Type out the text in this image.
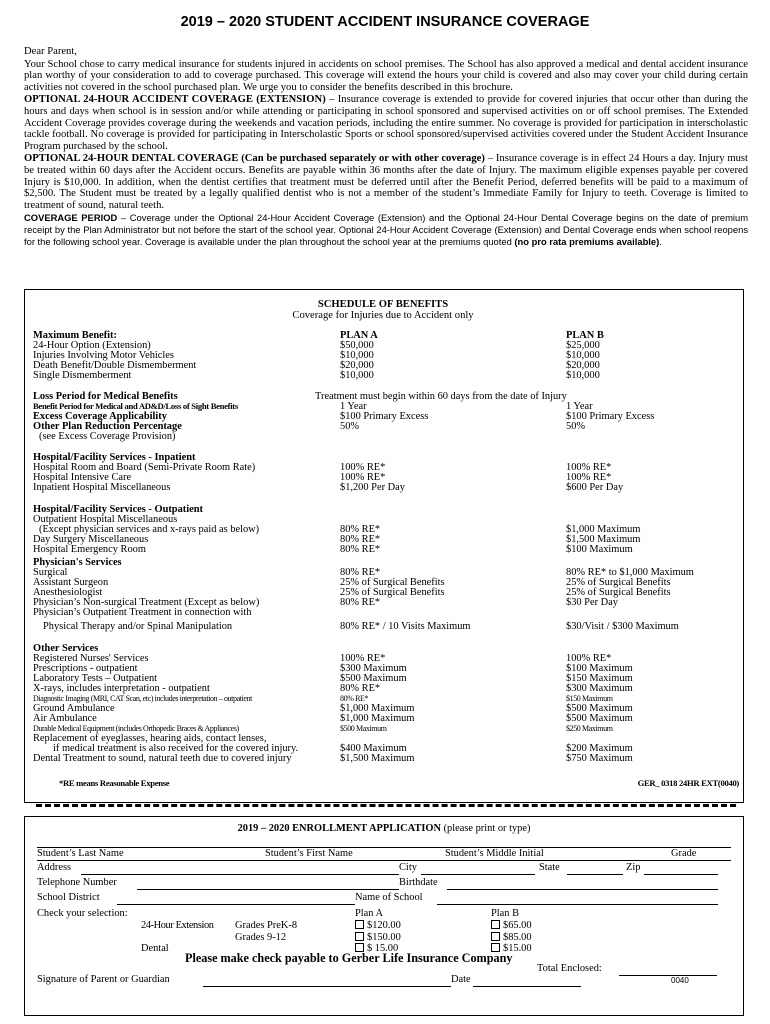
2019 – 2020 STUDENT ACCIDENT INSURANCE COVERAGE

Dear Parent,

Your School chose to carry medical insurance for students injured in accidents on school premises. The School has also approved a medical and dental accident insurance plan worthy of your consideration to add to coverage purchased. This coverage will extend the hours your child is covered and also may cover your child during certain activities not covered in the school purchased plan. We urge you to consider the benefits described in this brochure.

OPTIONAL 24-HOUR ACCIDENT COVERAGE (EXTENSION) – Insurance coverage is extended to provide for covered injuries that occur other than during the hours and days when school is in session and/or while attending or participating in school sponsored and supervised activities on or off school premises. The Extended Accident Coverage provides coverage during the weekends and vacation periods, including the entire summer. No coverage is provided for participation in interscholastic tackle football. No coverage is provided for participating in Interscholastic Sports or school sponsored/supervised activities covered under the Student Accident Insurance Program purchased by the school.

OPTIONAL 24-HOUR DENTAL COVERAGE (Can be purchased separately or with other coverage) – Insurance coverage is in effect 24 Hours a day. Injury must be treated within 60 days after the Accident occurs. Benefits are payable within 36 months after the date of Injury. The maximum eligible expenses payable per covered Injury is $10,000. In addition, when the dentist certifies that treatment must be deferred until after the Benefit Period, deferred benefits will be paid to a maximum of $2,500. The Student must be treated by a legally qualified dentist who is not a member of the student’s Immediate Family for Injury to teeth. Coverage is limited to treatment of sound, natural teeth.

COVERAGE PERIOD – Coverage under the Optional 24-Hour Accident Coverage (Extension) and the Optional 24-Hour Dental Coverage begins on the date of premium receipt by the Plan Administrator but not before the start of the school year. Optional 24-Hour Accident Coverage (Extension) and Dental Coverage ends when school reopens for the following school year. Coverage is available under the plan throughout the school year at the premiums quoted (no pro rata premiums available).

SCHEDULE OF BENEFITS
Coverage for Injuries due to Accident only
Maximum Benefit:	PLAN A	PLAN B
24-Hour Option (Extension)	$50,000	$25,000
Injuries Involving Motor Vehicles	$10,000	$10,000
Death Benefit/Double Dismemberment	$20,000	$20,000
Single Dismemberment	$10,000	$10,000
Loss Period for Medical Benefits	Treatment must begin within 60 days from the date of Injury
Benefit Period for Medical and AD&D/Loss of Sight Benefits	1 Year	1 Year
Excess Coverage Applicability	$100 Primary Excess	$100 Primary Excess
Other Plan Reduction Percentage	50%	50%
(see Excess Coverage Provision)
Hospital/Facility Services - Inpatient
Hospital Room and Board (Semi-Private Room Rate)	100% RE*	100% RE*
Hospital Intensive Care	100% RE*	100% RE*
Inpatient Hospital Miscellaneous	$1,200 Per Day	$600 Per Day
Hospital/Facility Services - Outpatient
Outpatient Hospital Miscellaneous
(Except physician services and x-rays paid as below)	80% RE*	$1,000 Maximum
Day Surgery Miscellaneous	80% RE*	$1,500 Maximum
Hospital Emergency Room	80% RE*	$100 Maximum
Physician's Services
Surgical	80% RE*	80% RE* to $1,000 Maximum
Assistant Surgeon	25% of Surgical Benefits	25% of Surgical Benefits
Anesthesiologist	25% of Surgical Benefits	25% of Surgical Benefits
Physician’s Non-surgical Treatment (Except as below)	80% RE*	$30 Per Day
Physician’s Outpatient Treatment in connection with
Physical Therapy and/or Spinal Manipulation	80% RE* / 10 Visits Maximum	$30/Visit / $300 Maximum
Other Services
Registered Nurses' Services	100% RE*	100% RE*
Prescriptions - outpatient	$300 Maximum	$100 Maximum
Laboratory Tests – Outpatient	$500 Maximum	$150 Maximum
X-rays, includes interpretation - outpatient	80% RE*	$300 Maximum
Diagnostic Imaging (MRI, CAT Scan, etc) includes interpretation – outpatient	80% RE*	$150 Maximum
Ground Ambulance	$1,000 Maximum	$500 Maximum
Air Ambulance	$1,000 Maximum	$500 Maximum
Durable Medical Equipment (includes Orthopedic Braces & Appliances)	$500 Maximum	$250 Maximum
Replacement of eyeglasses, hearing aids, contact lenses,
if medical treatment is also received for the covered injury.	$400 Maximum	$200 Maximum
Dental Treatment to sound, natural teeth due to covered injury	$1,500 Maximum	$750 Maximum
*RE means Reasonable Expense	GER_ 0318 24HR EXT(0040)
2019 – 2020 ENROLLMENT APPLICATION (please print or type)
Student’s Last Name	Student’s First Name	Student’s Middle Initial	Grade
Address	City	State	Zip
Telephone Number	Birthdate
School District	Name of School
Check your selection:	Plan A	Plan B
24-Hour Extension Grades PreK-8	$120.00	$65.00
Grades 9-12	$150.00	$85.00
Dental	$ 15.00	$15.00
Please make check payable to Gerber Life Insurance Company
Total Enclosed:
Signature of Parent or Guardian	Date	0040
